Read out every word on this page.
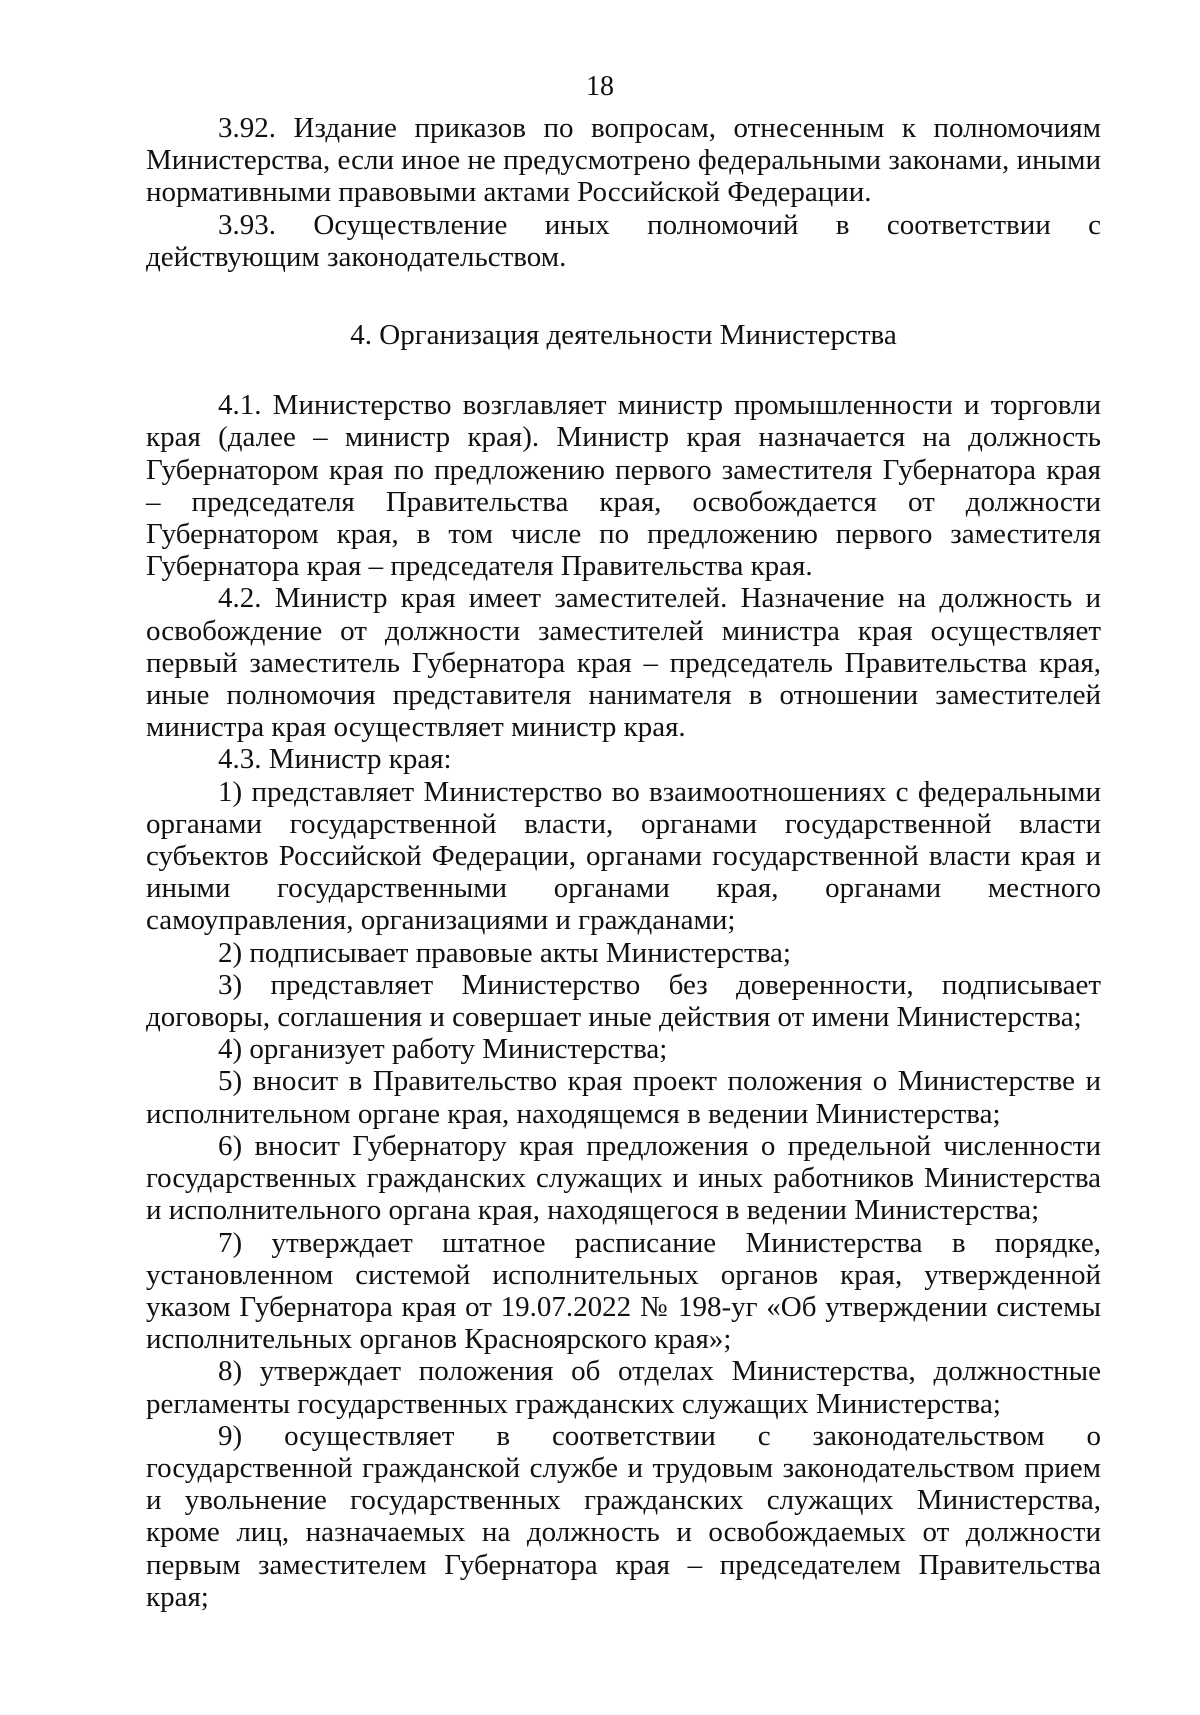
18

3.92. Издание приказов по вопросам, отнесенным к полномочиям Министерства, если иное не предусмотрено федеральными законами, иными нормативными правовыми актами Российской Федерации.

3.93. Осуществление иных полномочий в соответствии с действующим законодательством.

4. Организация деятельности Министерства

4.1. Министерство возглавляет министр промышленности и торговли края (далее – министр края). Министр края назначается на должность Губернатором края по предложению первого заместителя Губернатора края – председателя Правительства края, освобождается от должности Губернатором края, в том числе по предложению первого заместителя Губернатора края – председателя Правительства края.

4.2. Министр края имеет заместителей. Назначение на должность и освобождение от должности заместителей министра края осуществляет первый заместитель Губернатора края – председатель Правительства края, иные полномочия представителя нанимателя в отношении заместителей министра края осуществляет министр края.

4.3. Министр края:

1) представляет Министерство во взаимоотношениях с федеральными органами государственной власти, органами государственной власти субъектов Российской Федерации, органами государственной власти края и иными государственными органами края, органами местного самоуправления, организациями и гражданами;

2) подписывает правовые акты Министерства;

3) представляет Министерство без доверенности, подписывает договоры, соглашения и совершает иные действия от имени Министерства;

4) организует работу Министерства;

5) вносит в Правительство края проект положения о Министерстве и исполнительном органе края, находящемся в ведении Министерства;

6) вносит Губернатору края предложения о предельной численности государственных гражданских служащих и иных работников Министерства и исполнительного органа края, находящегося в ведении Министерства;

7) утверждает штатное расписание Министерства в порядке, установленном системой исполнительных органов края, утвержденной указом Губернатора края от 19.07.2022 № 198-уг «Об утверждении системы исполнительных органов Красноярского края»;

8) утверждает положения об отделах Министерства, должностные регламенты государственных гражданских служащих Министерства;

9) осуществляет в соответствии с законодательством о государственной гражданской службе и трудовым законодательством прием и увольнение государственных гражданских служащих Министерства, кроме лиц, назначаемых на должность и освобождаемых от должности первым заместителем Губернатора края – председателем Правительства края;
